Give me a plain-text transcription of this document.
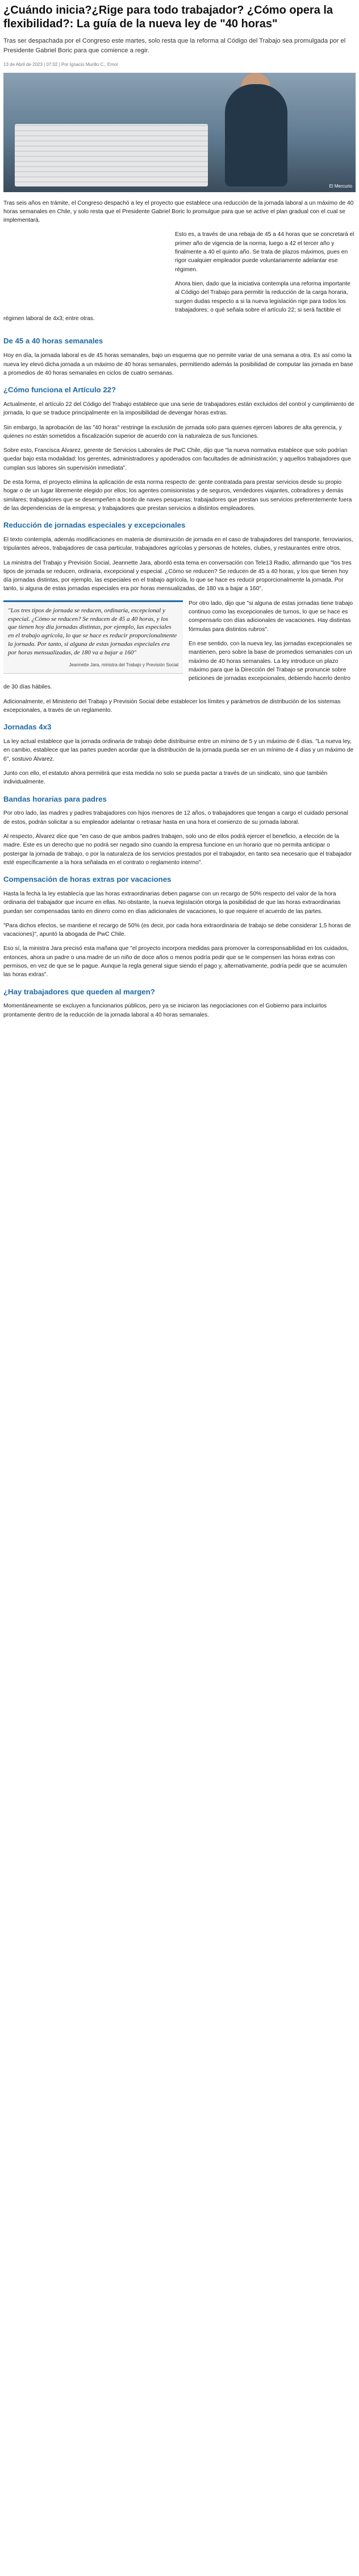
¿Cuándo inicia?¿Rige para todo trabajador? ¿Cómo opera la flexibilidad?: La guía de la nueva ley de "40 horas"

Tras ser despachada por el Congreso este martes, solo resta que la reforma al Código del Trabajo sea promulgada por el Presidente Gabriel Boric para que comience a regir.

13 de Abril de 2023 | 07:02 | Por Ignacio Murillo C., Emol
El Mercurio

Tras seis años en trámite, el Congreso despachó a ley el proyecto que establece una reducción de la jornada laboral a un máximo de 40 horas semanales en Chile, y solo resta que el Presidente Gabriel Boric lo promulgue para que se active el plan gradual con el cual se implementará.

Esto es, a través de una rebaja de 45 a 44 horas que se concretará el primer año de vigencia de la norma, luego a 42 el tercer año y finalmente a 40 el quinto año. Se trata de plazos máximos, pues en rigor cualquier empleador puede voluntariamente adelantar ese régimen.

Ahora bien, dado que la iniciativa contempla una reforma importante al Código del Trabajo para permitir la reducción de la carga horaria, surgen dudas respecto a si la nueva legislación rige para todos los trabajadores; o qué señala sobre el artículo 22; si será factible el régimen laboral de 4x3; entre otras.

De 45 a 40 horas semanales

Hoy en día, la jornada laboral es de 45 horas semanales, bajo un esquema que no permite variar de una semana a otra. Es así como la nueva ley elevó dicha jornada a un máximo de 40 horas semanales, permitiendo además la posibilidad de computar las jornada en base a promedios de 40 horas semanales en ciclos de cuatro semanas.

¿Cómo funciona el Artículo 22?

Actualmente, el artículo 22 del Código del Trabajo establece que una serie de trabajadores están excluidos del control y cumplimiento de jornada, lo que se traduce principalmente en la imposibilidad de devengar horas extras.

Sin embargo, la aprobación de las "40 horas" restringe la exclusión de jornada solo para quienes ejercen labores de alta gerencia, y quienes no están sometidos a fiscalización superior de acuerdo con la naturaleza de sus funciones.

Sobre esto, Francisca Álvarez, gerente de Servicios Laborales de PwC Chile, dijo que "la nueva normativa establece que solo podrían quedar bajo esta modalidad: los gerentes, administradores y apoderados con facultades de administración; y aquellos trabajadores que cumplan sus labores sin supervisión inmediata".

De esta forma, el proyecto elimina la aplicación de esta norma respecto de: gente contratada para prestar servicios desde su propio hogar o de un lugar libremente elegido por ellos; los agentes comisionistas y de seguros, vendedores viajantes, cobradores y demás similares; trabajadores que se desempeñen a bordo de naves pesqueras; trabajadores que prestan sus servicios preferentemente fuera de las dependencias de la empresa; y trabajadores que prestan servicios a distintos empleadores.

Reducción de jornadas especiales y excepcionales

El texto contempla, además modificaciones en materia de disminución de jornada en el caso de trabajadores del transporte, ferroviarios, tripulantes aéreos, trabajadores de casa particular, trabajadores agrícolas y personas de hoteles, clubes, y restaurantes entre otros.

La ministra del Trabajo y Previsión Social, Jeannette Jara, abordó esta tema en conversación con Tele13 Radio, afirmando que "los tres tipos de jornada se reducen, ordinaria, excepcional y especial. ¿Cómo se reducen? Se reducen de 45 a 40 horas, y los que tienen hoy día jornadas distintas, por ejemplo, las especiales en el trabajo agrícola, lo que se hace es reducir proporcionalmente la jornada. Por tanto, si alguna de estas jornadas especiales era por horas mensualizadas, de 180 va a bajar a 160".

"Los tres tipos de jornada se reducen, ordinaria, excepcional y especial. ¿Cómo se reducen? Se reducen de 45 a 40 horas, y los que tienen hoy día jornadas distintas, por ejemplo, las especiales en el trabajo agrícola, lo que se hace es reducir proporcionalmente la jornada. Por tanto, si alguna de estas jornadas especiales era por horas mensualizadas, de 180 va a bajar a 160"
Jeannette Jara, ministra del Trabajo y Previsión Social

Por otro lado, dijo que "si alguna de estas jornadas tiene trabajo continuo como las excepcionales de turnos, lo que se hace es compensarlo con días adicionales de vacaciones. Hay distintas fórmulas para distintos rubros".

En ese sentido, con la nueva ley, las jornadas excepcionales se mantienen, pero sobre la base de promedios semanales con un máximo de 40 horas semanales. La ley introduce un plazo máximo para que la Dirección del Trabajo se pronuncie sobre peticiones de jornadas excepcionales, debiendo hacerlo dentro de 30 días hábiles.

Adicionalmente, el Ministerio del Trabajo y Previsión Social debe establecer los límites y parámetros de distribución de los sistemas excepcionales, a través de un reglamento.

Jornadas 4x3

La ley actual establece que la jornada ordinaria de trabajo debe distribuirse entre un mínimo de 5 y un máximo de 6 días. "La nueva ley, en cambio, establece que las partes pueden acordar que la distribución de la jornada pueda ser en un mínimo de 4 días y un máximo de 6", sostuvo Álvarez.

Junto con ello, el estatuto ahora permitirá que esta medida no solo se pueda pactar a través de un sindicato, sino que también individualmente.

Bandas horarias para padres

Por otro lado, las madres y padres trabajadores con hijos menores de 12 años, o trabajadores que tengan a cargo el cuidado personal de estos, podrán solicitar a su empleador adelantar o retrasar hasta en una hora el comienzo de su jornada laboral.

Al respecto, Álvarez dice que "en caso de que ambos padres trabajen, solo uno de ellos podrá ejercer el beneficio, a elección de la madre. Este es un derecho que no podrá ser negado sino cuando la empresa funcione en un horario que no permita anticipar o postergar la jornada de trabajo, o por la naturaleza de los servicios prestados por el trabajador, en tanto sea necesario que el trabajador esté específicamente a la hora señalada en el contrato o reglamento interno".

Compensación de horas extras por vacaciones

Hasta la fecha la ley establecía que las horas extraordinarias deben pagarse con un recargo de 50% respecto del valor de la hora ordinaria del trabajador que incurre en ellas. No obstante, la nueva legislación otorga la posibilidad de que las horas extraordinarias puedan ser compensadas tanto en dinero como en días adicionales de vacaciones, lo que requiere el acuerdo de las partes.

"Para dichos efectos, se mantiene el recargo de 50% (es decir, por cada hora extraordinaria de trabajo se debe considerar 1,5 horas de vacaciones)", apuntó la abogada de PwC Chile.

Eso sí, la ministra Jara precisó esta mañana que "el proyecto incorpora medidas para promover la corresponsabilidad en los cuidados, entonces, ahora un padre o una madre de un niño de doce años o menos podría pedir que se le compensen las horas extras con permisos, en vez de que se le pague. Aunque la regla general sigue siendo el pago y, alternativamente, podría pedir que se acumulen las horas extras".

¿Hay trabajadores que queden al margen?

Momentáneamente se excluyen a funcionarios públicos, pero ya se iniciaron las negociaciones con el Gobierno para incluirlos prontamente dentro de la reducción de la jornada laboral a 40 horas semanales.
